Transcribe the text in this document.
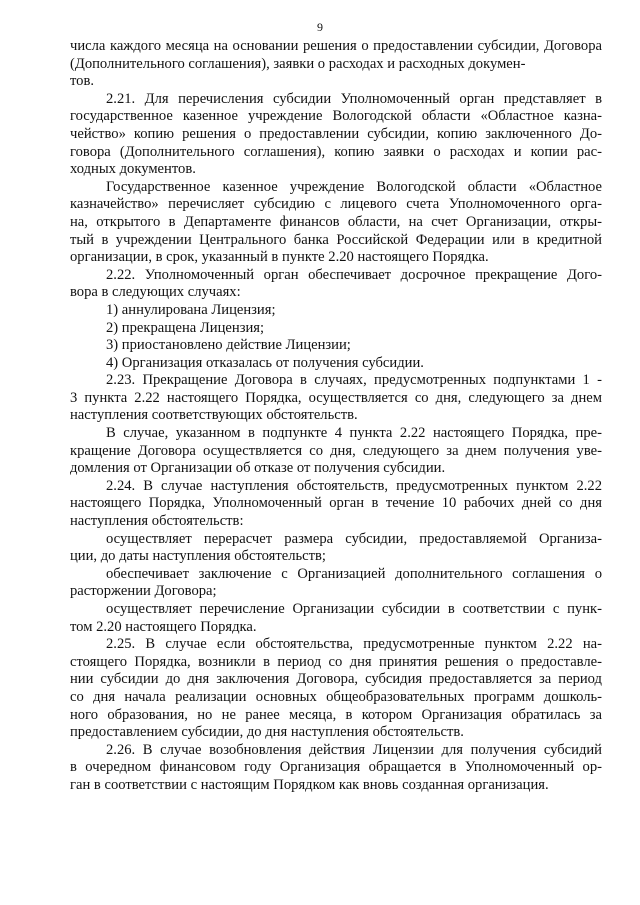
9
числа каждого месяца на основании решения о предоставлении субсидии, Договора (Дополнительного соглашения), заявки о расходах и расходных докумен-
тов.
2.21. Для перечисления субсидии Уполномоченный орган представляет в
государственное казенное учреждение Вологодской области «Областное казна-
чейство» копию решения о предоставлении субсидии, копию заключенного До-
говора (Дополнительного соглашения), копию заявки о расходах и копии рас-
ходных документов.
Государственное казенное учреждение Вологодской области «Областное
казначейство» перечисляет субсидию с лицевого счета Уполномоченного орга-
на, открытого в Департаменте финансов области, на счет Организации, откры-
тый в учреждении Центрального банка Российской Федерации или в кредитной
организации, в срок, указанный в пункте 2.20 настоящего Порядка.
2.22. Уполномоченный орган обеспечивает досрочное прекращение Дого-
вора в следующих случаях:
1) аннулирована Лицензия;
2) прекращена Лицензия;
3) приостановлено действие Лицензии;
4) Организация отказалась от получения субсидии.
2.23. Прекращение Договора в случаях, предусмотренных подпунктами 1 -
3 пункта 2.22 настоящего Порядка, осуществляется со дня, следующего за днем
наступления соответствующих обстоятельств.
В случае, указанном в подпункте 4 пункта 2.22 настоящего Порядка, пре-
кращение Договора осуществляется со дня, следующего за днем получения уве-
домления от Организации об отказе от получения субсидии.
2.24. В случае наступления обстоятельств, предусмотренных пунктом 2.22
настоящего Порядка, Уполномоченный орган в течение 10 рабочих дней со дня
наступления обстоятельств:
осуществляет перерасчет размера субсидии, предоставляемой Организа-
ции, до даты наступления обстоятельств;
обеспечивает заключение с Организацией дополнительного соглашения о
расторжении Договора;
осуществляет перечисление Организации субсидии в соответствии с пунк-
том 2.20 настоящего Порядка.
2.25. В случае если обстоятельства, предусмотренные пунктом 2.22 на-
стоящего Порядка, возникли в период со дня принятия решения о предоставле-
нии субсидии до дня заключения Договора, субсидия предоставляется за период
со дня начала реализации основных общеобразовательных программ дошколь-
ного образования, но не ранее месяца, в котором Организация обратилась за
предоставлением субсидии, до дня наступления обстоятельств.
2.26. В случае возобновления действия Лицензии для получения субсидий
в очередном финансовом году Организация обращается в Уполномоченный ор-
ган в соответствии с настоящим Порядком как вновь созданная организация.
